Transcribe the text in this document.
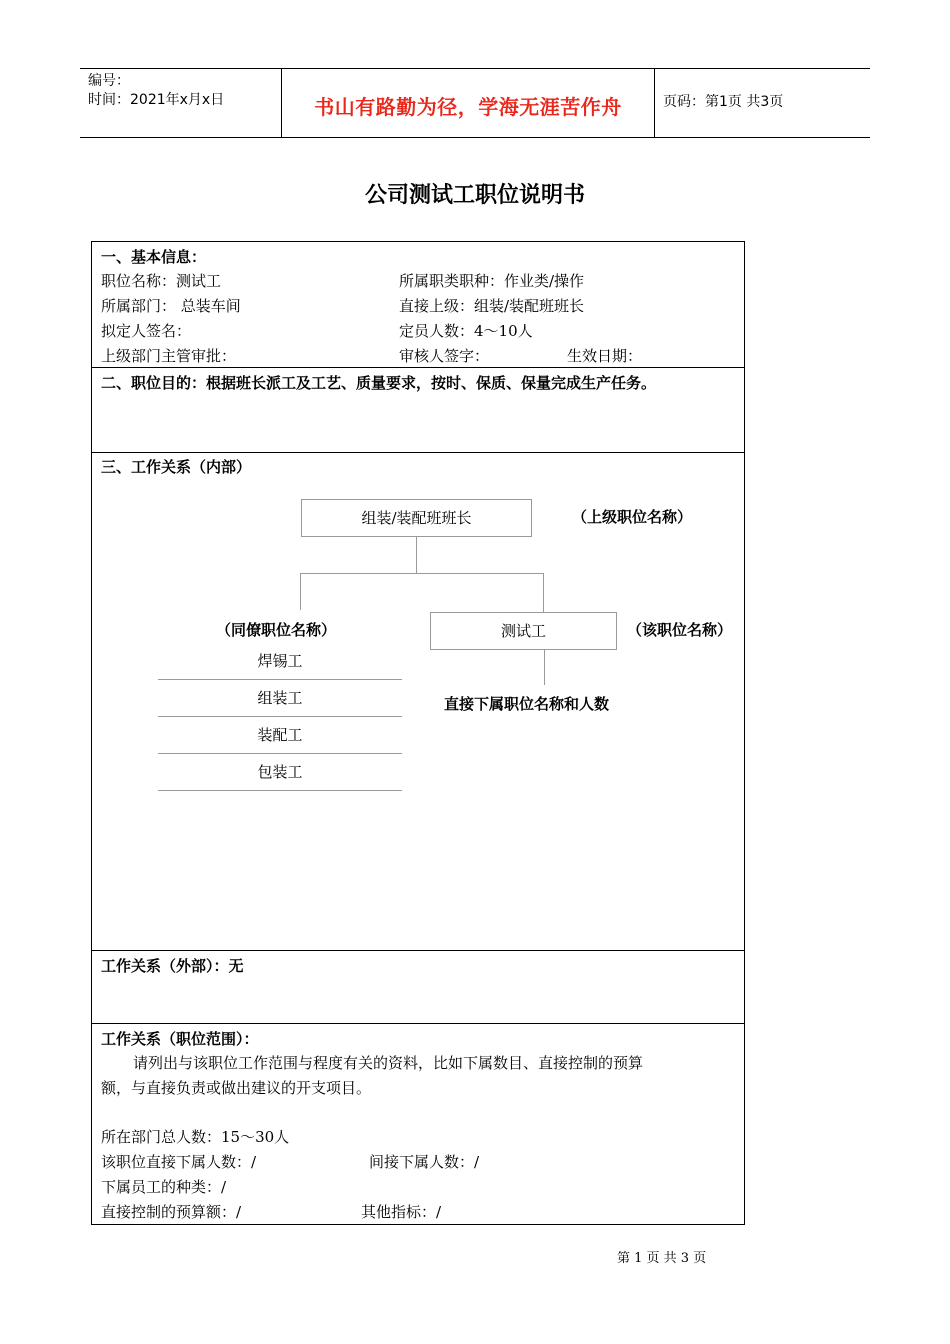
编号：
时间：2021年x月x日	书山有路勤为径，学海无涯苦作舟	页码：第1页 共3页
公司测试工职位说明书
一、基本信息：
职位名称：测试工	所属职类职种：作业类/操作
所属部门： 总装车间	直接上级：组装/装配班班长
拟定人签名：	定员人数：4～10人
上级部门主管审批：	审核人签字：	生效日期：
二、职位目的：根据班长派工及工艺、质量要求，按时、保质、保量完成生产任务。
三、工作关系（内部）
组装/装配班班长	（上级职位名称）
测试工	（该职位名称）
直接下属职位名称和人数
（同僚职位名称）
焊锡工
组装工
装配工
包装工
工作关系（外部）：无
工作关系（职位范围）：
请列出与该职位工作范围与程度有关的资料，比如下属数目、直接控制的预算
额，与直接负责或做出建议的开支项目。
所在部门总人数：15～30人
该职位直接下属人数：/	间接下属人数：/
下属员工的种类：/
直接控制的预算额：/	其他指标：/
第 1 页 共 3 页
